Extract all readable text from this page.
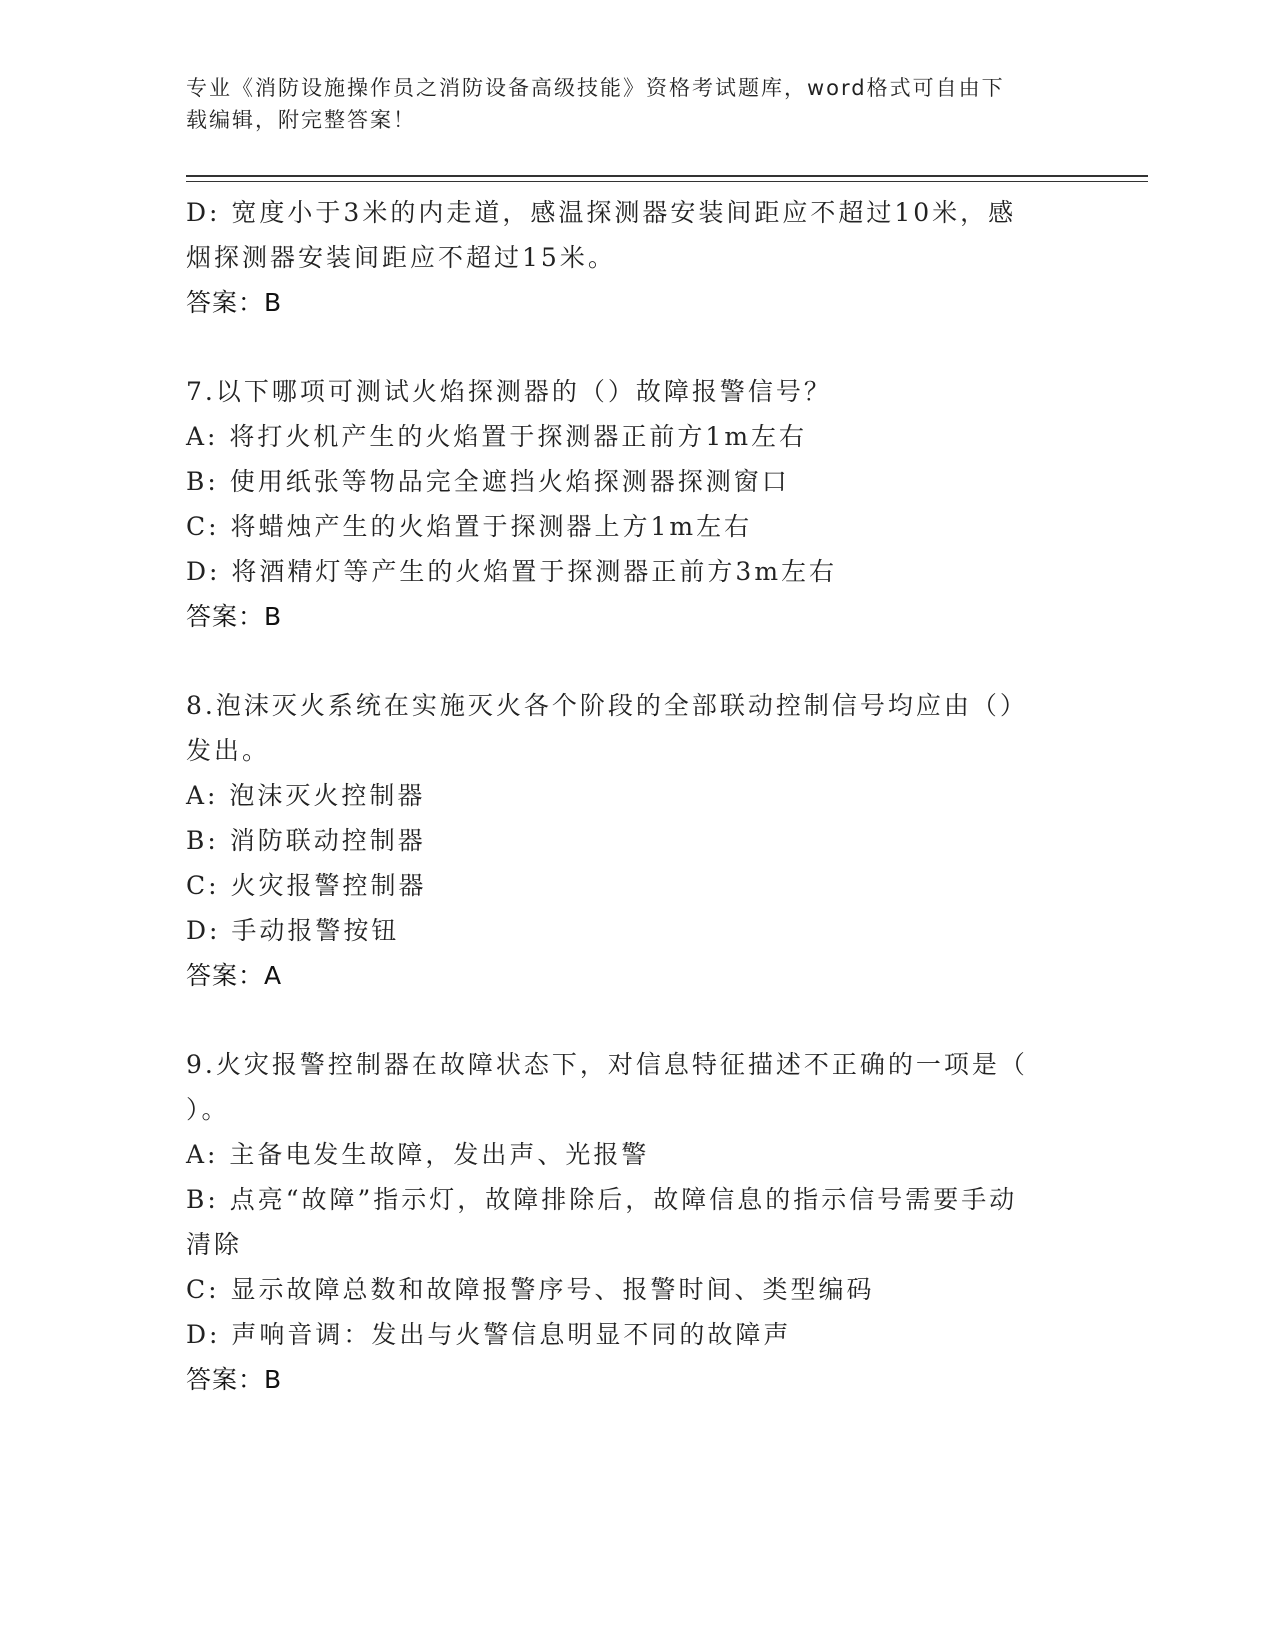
专业《消防设施操作员之消防设备高级技能》资格考试题库，word格式可自由下
载编辑，附完整答案！
D: 宽度小于3米的内走道，感温探测器安装间距应不超过10米，感
烟探测器安装间距应不超过15米。
答案：B
7.以下哪项可测试火焰探测器的（）故障报警信号？
A: 将打火机产生的火焰置于探测器正前方1m左右
B: 使用纸张等物品完全遮挡火焰探测器探测窗口
C: 将蜡烛产生的火焰置于探测器上方1m左右
D: 将酒精灯等产生的火焰置于探测器正前方3m左右
答案：B
8.泡沫灭火系统在实施灭火各个阶段的全部联动控制信号均应由（）
发出。
A: 泡沫灭火控制器
B: 消防联动控制器
C: 火灾报警控制器
D: 手动报警按钮
答案：A
9.火灾报警控制器在故障状态下，对信息特征描述不正确的一项是（
）。
A: 主备电发生故障，发出声、光报警
B: 点亮“故障”指示灯，故障排除后，故障信息的指示信号需要手动
清除
C: 显示故障总数和故障报警序号、报警时间、类型编码
D: 声响音调：发出与火警信息明显不同的故障声
答案：B
